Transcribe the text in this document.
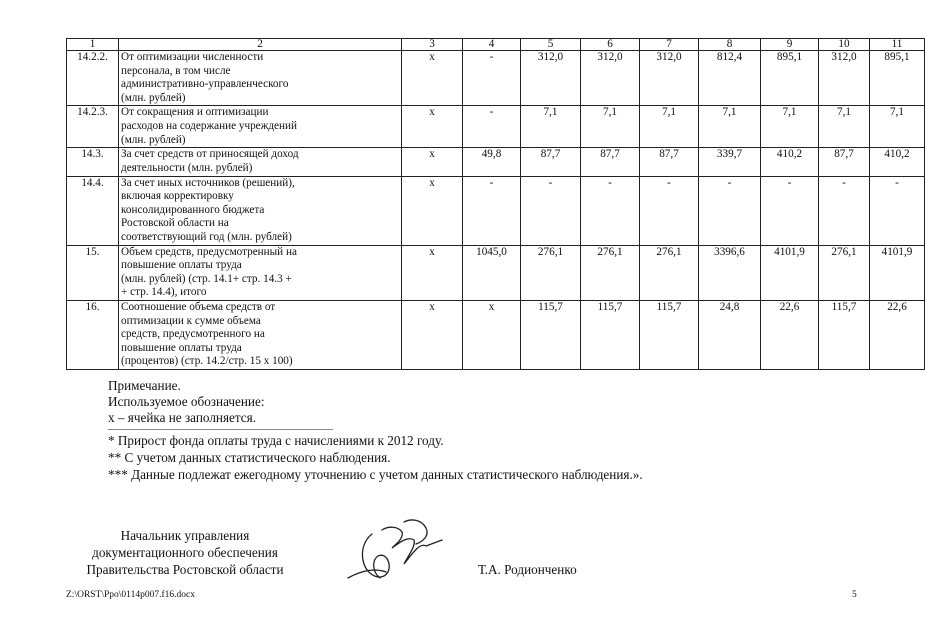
1	2	3	4	5	6	7	8	9	10	11
14.2.2.	От оптимизации численности
персонала, в том числе
административно-управленческого
(млн. рублей)	х	-	312,0	312,0	312,0	812,4	895,1	312,0	895,1
14.2.3.	От сокращения и оптимизации
расходов на содержание учреждений
(млн. рублей)	х	-	7,1	7,1	7,1	7,1	7,1	7,1	7,1
14.3.	За счет средств от приносящей доход
деятельности (млн. рублей)	х	49,8	87,7	87,7	87,7	339,7	410,2	87,7	410,2
14.4.	За счет иных источников (решений),
включая корректировку
консолидированного бюджета
Ростовской области на
соответствующий год (млн. рублей)	х	-	-	-	-	-	-	-	-
15.	Объем средств, предусмотренный на
повышение оплаты труда
(млн. рублей) (стр. 14.1+ стр. 14.3 +
+ стр. 14.4), итого	х	1045,0	276,1	276,1	276,1	3396,6	4101,9	276,1	4101,9
16.	Соотношение объема средств от
оптимизации к сумме объема
средств, предусмотренного на
повышение оплаты труда
(процентов) (стр. 14.2/стр. 15 х 100)	х	х	115,7	115,7	115,7	24,8	22,6	115,7	22,6
Примечание.
Используемое обозначение:
х – ячейка не заполняется.
* Прирост фонда оплаты труда с начислениями к 2012 году.
** С учетом данных статистического наблюдения.
*** Данные подлежат ежегодному уточнению с учетом данных статистического наблюдения.».
Начальник управления
документационного обеспечения
Правительства Ростовской области	Т.А. Родионченко
Z:\ORST\Ppo\0114p007.f16.docx	5
